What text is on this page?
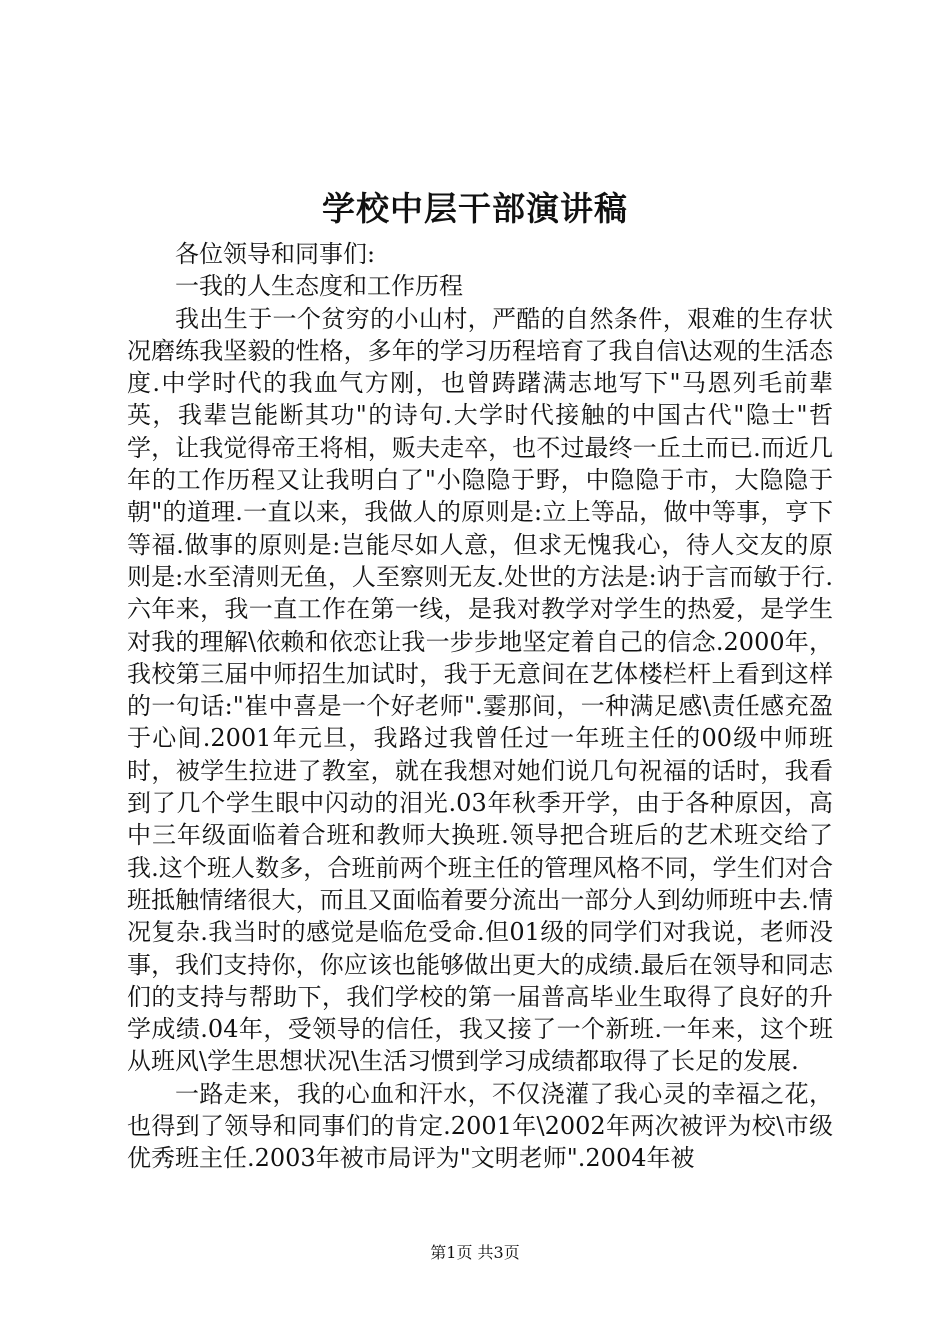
学校中层干部演讲稿

各位领导和同事们:

一我的人生态度和工作历程

我出生于一个贫穷的小山村，严酷的自然条件，艰难的生存状况磨练我坚毅的性格，多年的学习历程培育了我自信\达观的生活态度.中学时代的我血气方刚，也曾踌躇满志地写下"马恩列毛前辈英，我辈岂能断其功"的诗句.大学时代接触的中国古代"隐士"哲学，让我觉得帝王将相，贩夫走卒，也不过最终一丘土而已.而近几年的工作历程又让我明白了"小隐隐于野，中隐隐于市，大隐隐于朝"的道理.一直以来，我做人的原则是:立上等品，做中等事，亨下等福.做事的原则是:岂能尽如人意，但求无愧我心，待人交友的原则是:水至清则无鱼，人至察则无友.处世的方法是:讷于言而敏于行.六年来，我一直工作在第一线，是我对教学对学生的热爱，是学生对我的理解\依赖和依恋让我一步步地坚定着自己的信念.2000年，我校第三届中师招生加试时，我于无意间在艺体楼栏杆上看到这样的一句话:"崔中喜是一个好老师".霎那间，一种满足感\责任感充盈于心间.2001年元旦，我路过我曾任过一年班主任的00级中师班时，被学生拉进了教室，就在我想对她们说几句祝福的话时，我看到了几个学生眼中闪动的泪光.03年秋季开学，由于各种原因，高中三年级面临着合班和教师大换班.领导把合班后的艺术班交给了我.这个班人数多，合班前两个班主任的管理风格不同，学生们对合班抵触情绪很大，而且又面临着要分流出一部分人到幼师班中去.情况复杂.我当时的感觉是临危受命.但01级的同学们对我说，老师没事，我们支持你，你应该也能够做出更大的成绩.最后在领导和同志们的支持与帮助下，我们学校的第一届普高毕业生取得了良好的升学成绩.04年，受领导的信任，我又接了一个新班.一年来，这个班从班风\学生思想状况\生活习惯到学习成绩都取得了长足的发展.

一路走来，我的心血和汗水，不仅浇灌了我心灵的幸福之花，也得到了领导和同事们的肯定.2001年\2002年两次被评为校\市级优秀班主任.2003年被市局评为"文明老师".2004年被

第1页 共3页
